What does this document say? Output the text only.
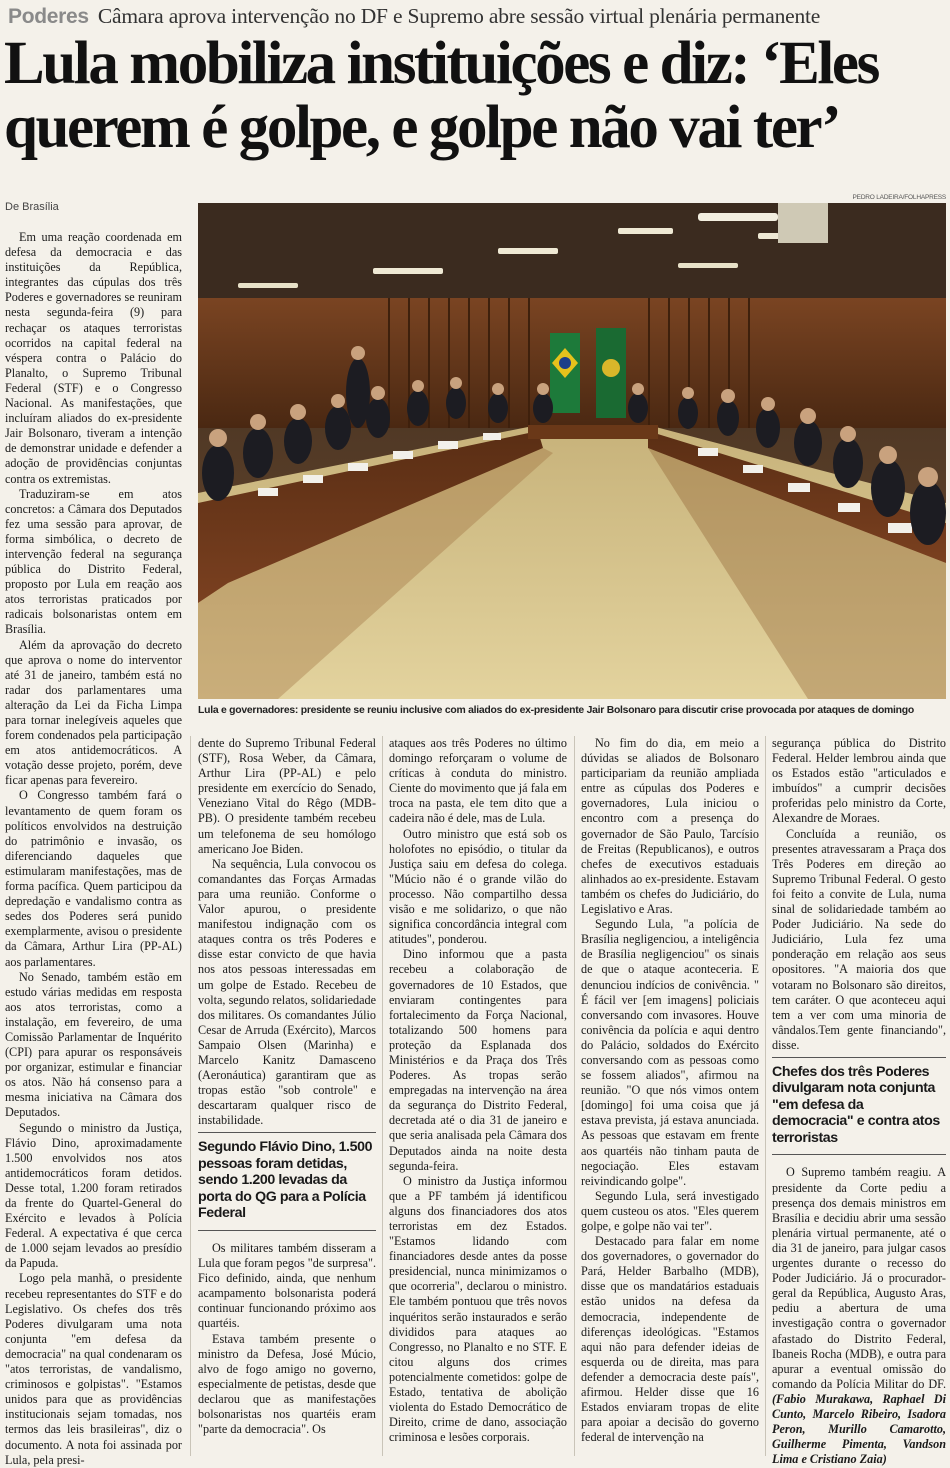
Poderes Câmara aprova intervenção no DF e Supremo abre sessão virtual plenária permanente
Lula mobiliza instituições e diz: ‘Eles querem é golpe, e golpe não vai ter’
PEDRO LADEIRA/FOLHAPRESS
De Brasília
Lula e governadores: presidente se reuniu inclusive com aliados do ex-presidente Jair Bolsonaro para discutir crise provocada por ataques de domingo

Em uma reação coordenada em defesa da democracia e das instituições da República, integrantes das cúpulas dos três Poderes e governadores se reuniram nesta segunda-feira (9) para rechaçar os ataques terroristas ocorridos na capital federal na véspera contra o Palácio do Planalto, o Supremo Tribunal Federal (STF) e o Congresso Nacional. As manifestações, que incluíram aliados do ex-presidente Jair Bolsonaro, tiveram a intenção de demonstrar unidade e defender a adoção de providências conjuntas contra os extremistas.

Traduziram-se em atos concretos: a Câmara dos Deputados fez uma sessão para aprovar, de forma simbólica, o decreto de intervenção federal na segurança pública do Distrito Federal, proposto por Lula em reação aos atos terroristas praticados por radicais bolsonaristas ontem em Brasília.

Além da aprovação do decreto que aprova o nome do interventor até 31 de janeiro, também está no radar dos parlamentares uma alteração da Lei da Ficha Limpa para tornar inelegíveis aqueles que forem condenados pela participação em atos antidemocráticos. A votação desse projeto, porém, deve ficar apenas para fevereiro.

O Congresso também fará o levantamento de quem foram os políticos envolvidos na destruição do patrimônio e invasão, os diferenciando daqueles que estimularam manifestações, mas de forma pacífica. Quem participou da depredação e vandalismo contra as sedes dos Poderes será punido exemplarmente, avisou o presidente da Câmara, Arthur Lira (PP-AL) aos parlamentares.

No Senado, também estão em estudo várias medidas em resposta aos atos terroristas, como a instalação, em fevereiro, de uma Comissão Parlamentar de Inquérito (CPI) para apurar os responsáveis por organizar, estimular e financiar os atos. Não há consenso para a mesma iniciativa na Câmara dos Deputados.

Segundo o ministro da Justiça, Flávio Dino, aproximadamente 1.500 envolvidos nos atos antidemocráticos foram detidos. Desse total, 1.200 foram retirados da frente do Quartel-General do Exército e levados à Polícia Federal. A expectativa é que cerca de 1.000 sejam levados ao presídio da Papuda.

Logo pela manhã, o presidente recebeu representantes do STF e do Legislativo. Os chefes dos três Poderes divulgaram uma nota conjunta "em defesa da democracia" na qual condenaram os "atos terroristas, de vandalismo, criminosos e golpistas". "Estamos unidos para que as providências institucionais sejam tomadas, nos termos das leis brasileiras", diz o documento. A nota foi assinada por Lula, pela presi-

dente do Supremo Tribunal Federal (STF), Rosa Weber, da Câmara, Arthur Lira (PP-AL) e pelo presidente em exercício do Senado, Veneziano Vital do Rêgo (MDB-PB). O presidente também recebeu um telefonema de seu homólogo americano Joe Biden.

Na sequência, Lula convocou os comandantes das Forças Armadas para uma reunião. Conforme o Valor apurou, o presidente manifestou indignação com os ataques contra os três Poderes e disse estar convicto de que havia nos atos pessoas interessadas em um golpe de Estado. Recebeu de volta, segundo relatos, solidariedade dos militares. Os comandantes Júlio Cesar de Arruda (Exército), Marcos Sampaio Olsen (Marinha) e Marcelo Kanitz Damasceno (Aeronáutica) garantiram que as tropas estão "sob controle" e descartaram qualquer risco de instabilidade.

Segundo Flávio Dino, 1.500 pessoas foram detidas, sendo 1.200 levadas da porta do QG para a Polícia Federal

Os militares também disseram a Lula que foram pegos "de surpresa". Fico definido, ainda, que nenhum acampamento bolsonarista poderá continuar funcionando próximo aos quartéis.

Estava também presente o ministro da Defesa, José Múcio, alvo de fogo amigo no governo, especialmente de petistas, desde que declarou que as manifestações bolsonaristas nos quartéis eram "parte da democracia". Os

ataques aos três Poderes no último domingo reforçaram o volume de críticas à conduta do ministro. Ciente do movimento que já fala em troca na pasta, ele tem dito que a cadeira não é dele, mas de Lula.

Outro ministro que está sob os holofotes no episódio, o titular da Justiça saiu em defesa do colega. "Múcio não é o grande vilão do processo. Não compartilho dessa visão e me solidarizo, o que não significa concordância integral com atitudes", ponderou.

Dino informou que a pasta recebeu a colaboração de governadores de 10 Estados, que enviaram contingentes para fortalecimento da Força Nacional, totalizando 500 homens para proteção da Esplanada dos Ministérios e da Praça dos Três Poderes. As tropas serão empregadas na intervenção na área da segurança do Distrito Federal, decretada até o dia 31 de janeiro e que seria analisada pela Câmara dos Deputados ainda na noite desta segunda-feira.

O ministro da Justiça informou que a PF também já identificou alguns dos financiadores dos atos terroristas em dez Estados. "Estamos lidando com financiadores desde antes da posse presidencial, nunca minimizamos o que ocorreria", declarou o ministro. Ele também pontuou que três novos inquéritos serão instaurados e serão divididos para ataques ao Congresso, no Planalto e no STF. E citou alguns dos crimes potencialmente cometidos: golpe de Estado, tentativa de abolição violenta do Estado Democrático de Direito, crime de dano, associação criminosa e lesões corporais.

No fim do dia, em meio a dúvidas se aliados de Bolsonaro participariam da reunião ampliada entre as cúpulas dos Poderes e governadores, Lula iniciou o encontro com a presença do governador de São Paulo, Tarcísio de Freitas (Republicanos), e outros chefes de executivos estaduais alinhados ao ex-presidente. Estavam também os chefes do Judiciário, do Legislativo e Aras.

Segundo Lula, "a polícia de Brasília negligenciou, a inteligência de Brasília negligenciou" os sinais de que o ataque aconteceria. E denunciou indícios de conivência. " É fácil ver [em imagens] policiais conversando com invasores. Houve conivência da polícia e aqui dentro do Palácio, soldados do Exército conversando com as pessoas como se fossem aliados", afirmou na reunião. "O que nós vimos ontem [domingo] foi uma coisa que já estava prevista, já estava anunciada. As pessoas que estavam em frente aos quartéis não tinham pauta de negociação. Eles estavam reivindicando golpe".

Segundo Lula, será investigado quem custeou os atos. "Eles querem golpe, e golpe não vai ter".

Destacado para falar em nome dos governadores, o governador do Pará, Helder Barbalho (MDB), disse que os mandatários estaduais estão unidos na defesa da democracia, independente de diferenças ideológicas. "Estamos aqui não para defender ideias de esquerda ou de direita, mas para defender a democracia deste país", afirmou. Helder disse que 16 Estados enviaram tropas de elite para apoiar a decisão do governo federal de intervenção na

segurança pública do Distrito Federal. Helder lembrou ainda que os Estados estão "articulados e imbuídos" a cumprir decisões proferidas pelo ministro da Corte, Alexandre de Moraes.

Concluída a reunião, os presentes atravessaram a Praça dos Três Poderes em direção ao Supremo Tribunal Federal. O gesto foi feito a convite de Lula, numa sinal de solidariedade também ao Poder Judiciário. Na sede do Judiciário, Lula fez uma ponderação em relação aos seus opositores. "A maioria dos que votaram no Bolsonaro são direitos, tem caráter. O que aconteceu aqui tem a ver com uma minoria de vândalos.Tem gente financiando", disse.

Chefes dos três Poderes divulgaram nota conjunta "em defesa da democracia" e contra atos terroristas

O Supremo também reagiu. A presidente da Corte pediu a presença dos demais ministros em Brasília e decidiu abrir uma sessão plenária virtual permanente, até o dia 31 de janeiro, para julgar casos urgentes durante o recesso do Poder Judiciário. Já o procurador-geral da República, Augusto Aras, pediu a abertura de uma investigação contra o governador afastado do Distrito Federal, Ibaneis Rocha (MDB), e outra para apurar a eventual omissão do comando da Polícia Militar do DF. (Fabio Murakawa, Raphael Di Cunto, Marcelo Ribeiro, Isadora Peron, Murillo Camarotto, Guilherme Pimenta, Vandson Lima e Cristiano Zaia)
